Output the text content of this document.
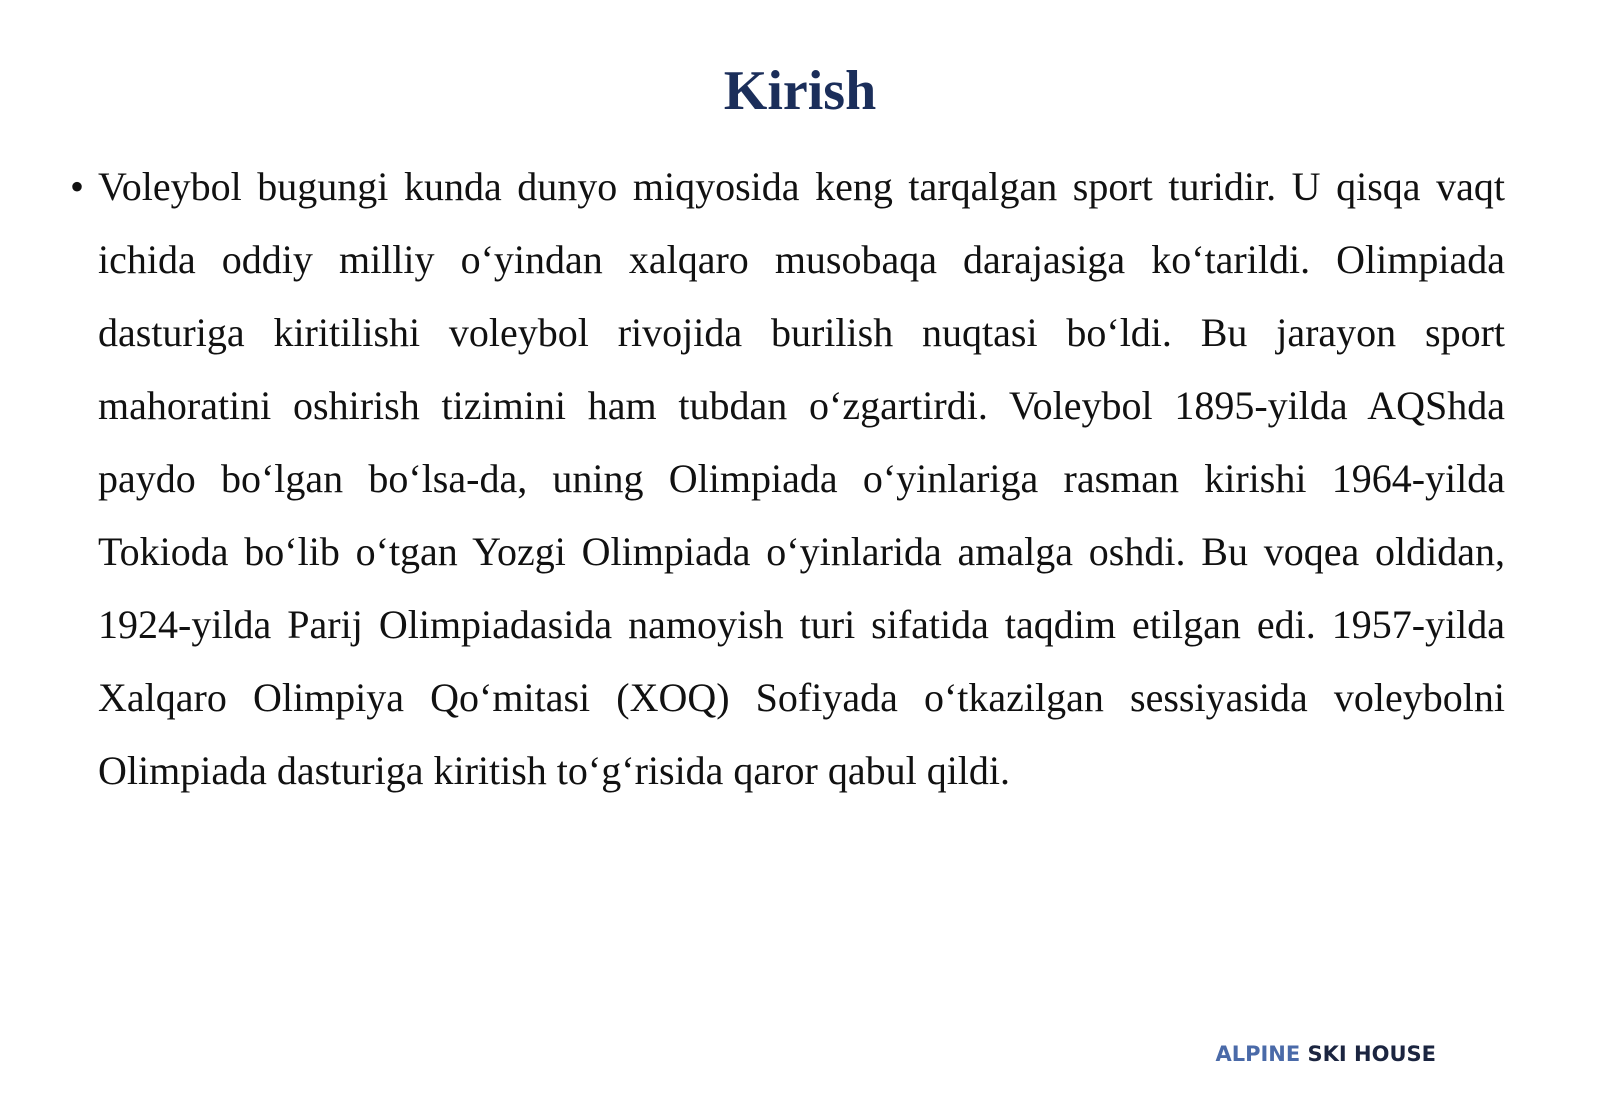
Kirish
• Voleybol bugungi kunda dunyo miqyosida keng tarqalgan sport turidir. U qisqa vaqt ichida oddiy milliy o‘yindan xalqaro musobaqa darajasiga ko‘tarildi. Olimpiada dasturiga kiritilishi voleybol rivojida burilish nuqtasi bo‘ldi. Bu jarayon sport mahoratini oshirish tizimini ham tubdan o‘zgartirdi. Voleybol 1895-yilda AQShda paydo bo‘lgan bo‘lsa-da, uning Olimpiada o‘yinlariga rasman kirishi 1964-yilda Tokioda bo‘lib o‘tgan Yozgi Olimpiada o‘yinlarida amalga oshdi. Bu voqea oldidan, 1924-yilda Parij Olimpiadasida namoyish turi sifatida taqdim etilgan edi. 1957-yilda Xalqaro Olimpiya Qo‘mitasi (XOQ) Sofiyada o‘tkazilgan sessiyasida voleybolni Olimpiada dasturiga kiritish to‘g‘risida qaror qabul qildi.

ALPINE SKI HOUSE
